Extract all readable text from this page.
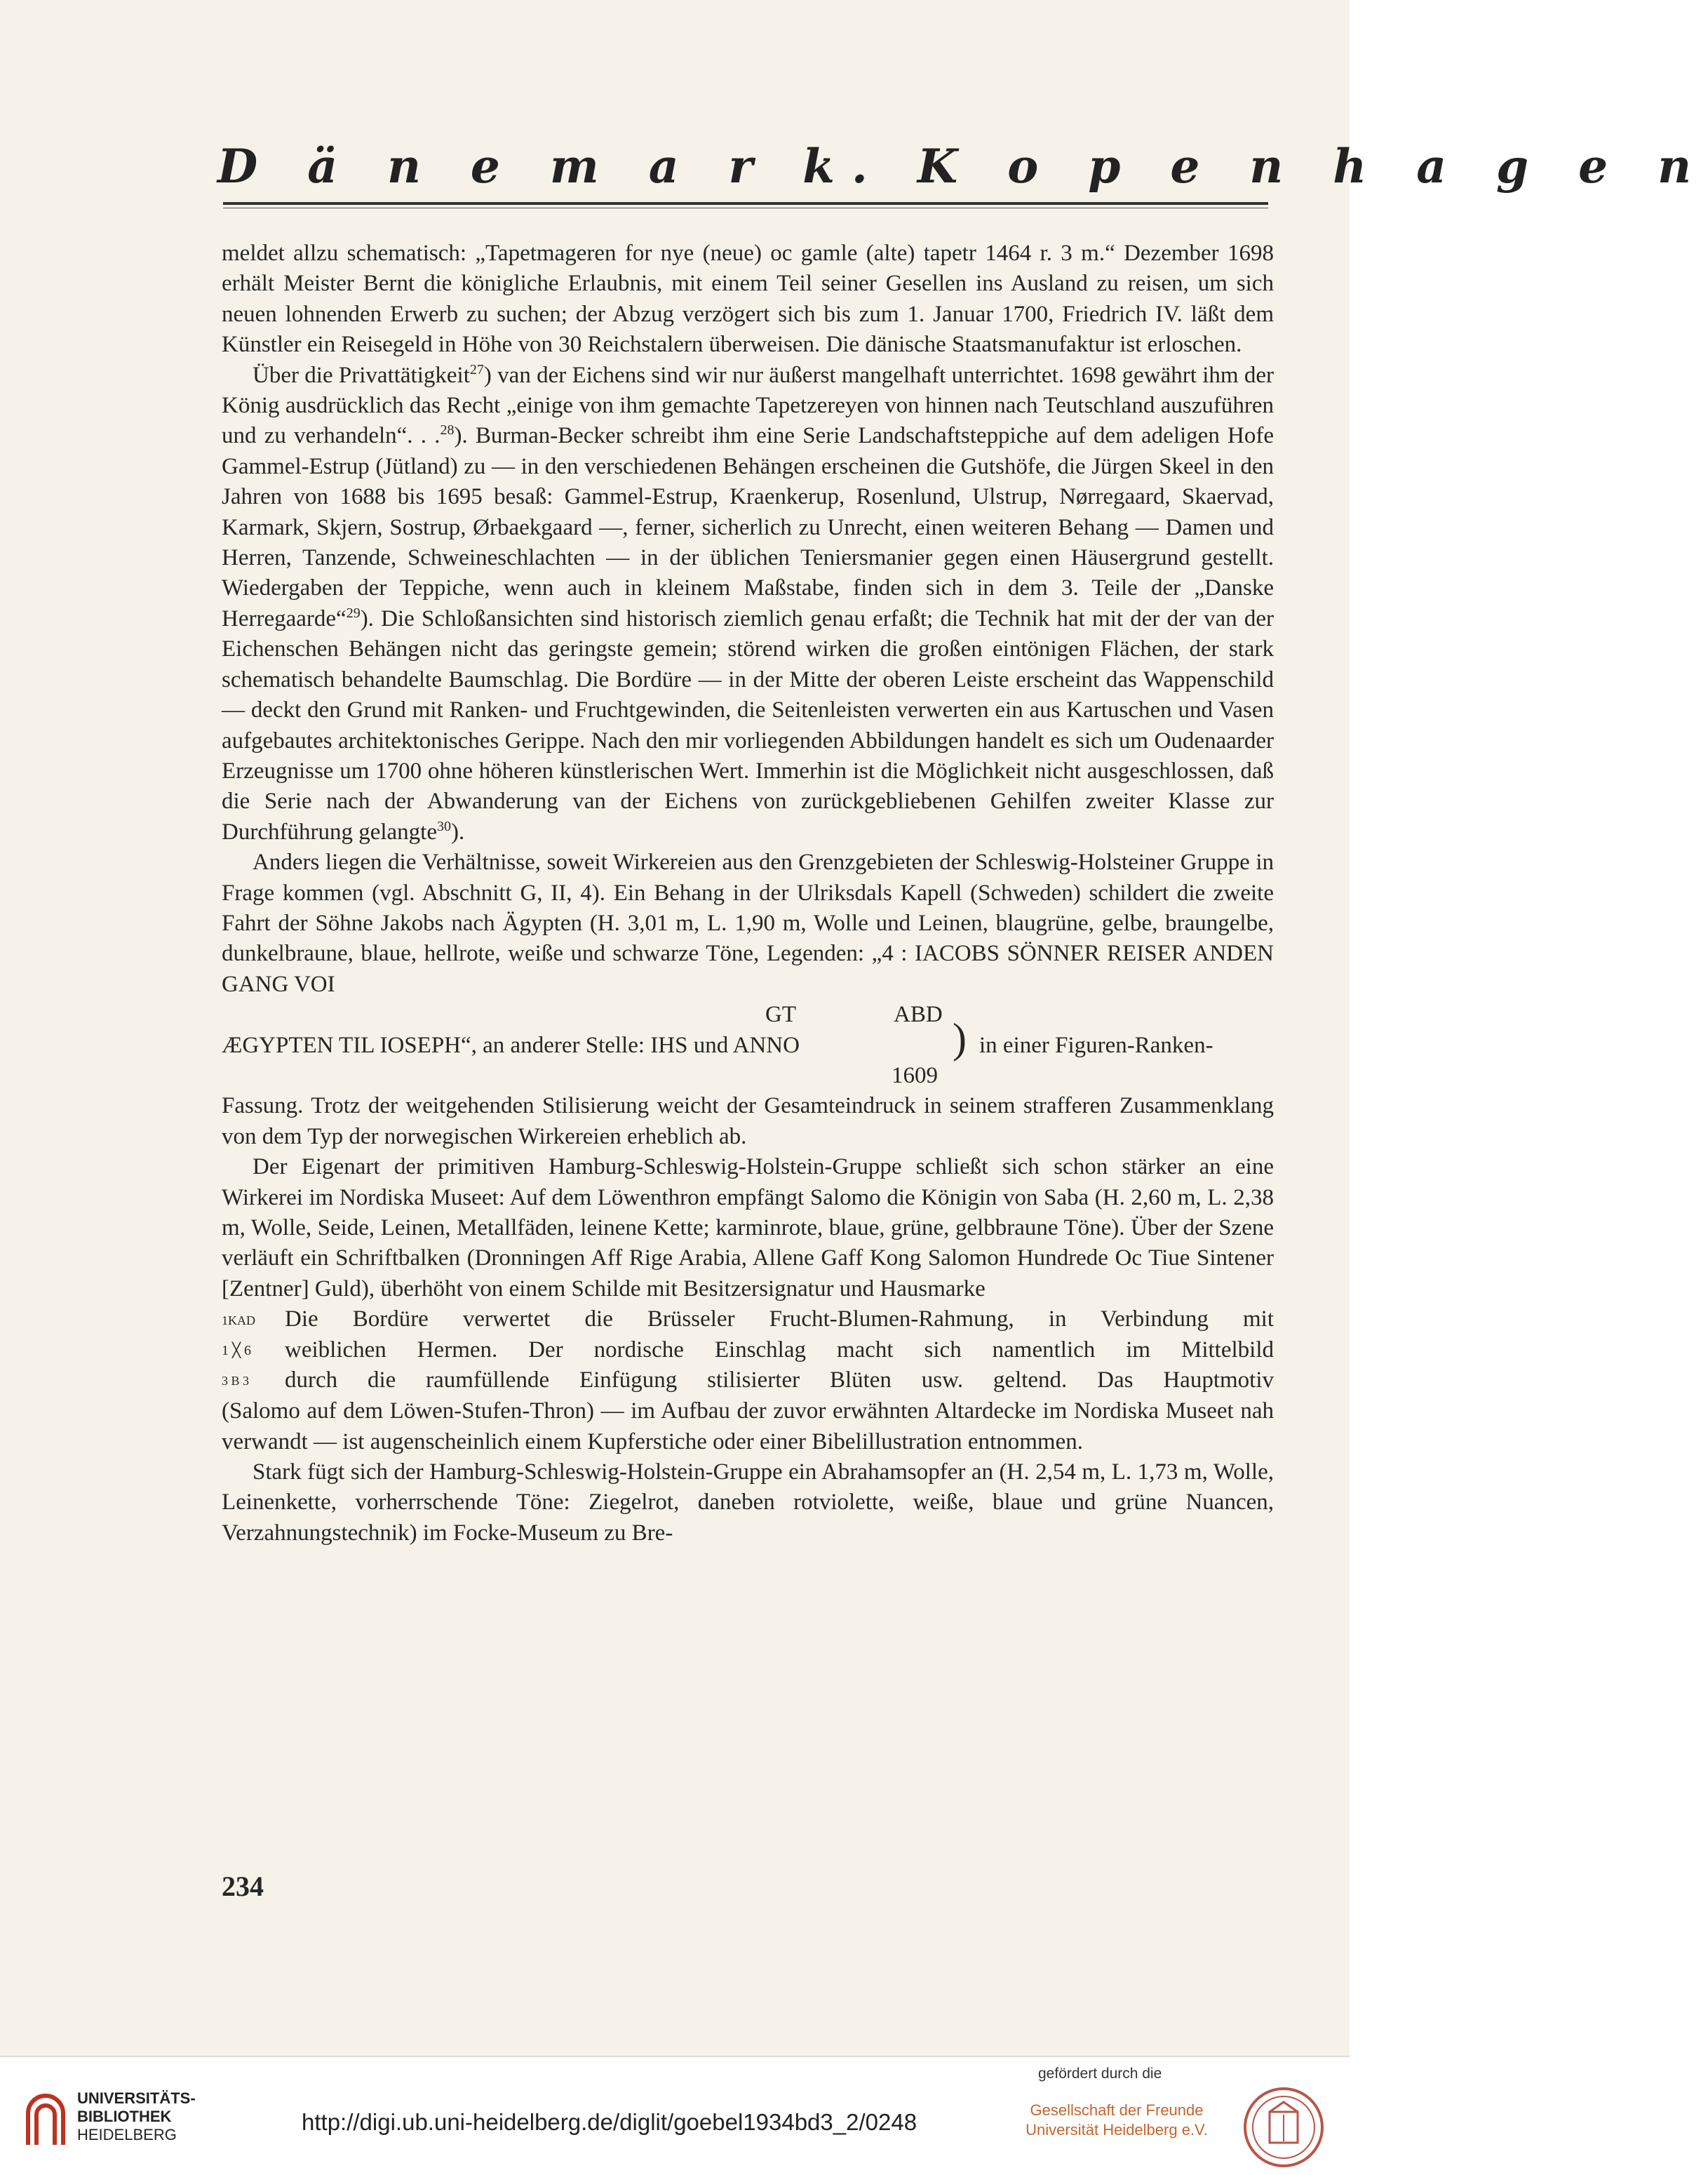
D ä n e m a r k. K o p e n h a g e n

meldet allzu schematisch: „Tapetmageren for nye (neue) oc gamle (alte) tapetr 1464 r. 3 m.“ Dezember 1698 erhält Meister Bernt die königliche Erlaubnis, mit einem Teil seiner Gesellen ins Ausland zu reisen, um sich neuen lohnenden Erwerb zu suchen; der Abzug verzögert sich bis zum 1. Januar 1700, Friedrich IV. läßt dem Künstler ein Reisegeld in Höhe von 30 Reichstalern überweisen. Die dänische Staatsmanufaktur ist erloschen.

Über die Privattätigkeit$^{27}$) van der Eichens sind wir nur äußerst mangelhaft unterrichtet. 1698 gewährt ihm der König ausdrücklich das Recht „einige von ihm gemachte Tapetzereyen von hinnen nach Teutschland auszuführen und zu verhandeln“. . .$^{28}$). Burman-Becker schreibt ihm eine Serie Landschaftsteppiche auf dem adeligen Hofe Gammel-Estrup (Jütland) zu — in den verschiedenen Behängen erscheinen die Gutshöfe, die Jürgen Skeel in den Jahren von 1688 bis 1695 besaß: Gammel-Estrup, Kraenkerup, Rosenlund, Ulstrup, Nørregaard, Skaervad, Karmark, Skjern, Sostrup, Ørbaekgaard —, ferner, sicherlich zu Unrecht, einen weiteren Behang — Damen und Herren, Tanzende, Schweineschlachten — in der üblichen Teniersmanier gegen einen Häusergrund gestellt. Wiedergaben der Teppiche, wenn auch in kleinem Maßstabe, finden sich in dem 3. Teile der „Danske Herregaarde“$^{29}$). Die Schloßansichten sind historisch ziemlich genau erfaßt; die Technik hat mit der der van der Eichenschen Behängen nicht das geringste gemein; störend wirken die großen eintönigen Flächen, der stark schematisch behandelte Baumschlag. Die Bordüre — in der Mitte der oberen Leiste erscheint das Wappenschild — deckt den Grund mit Ranken- und Fruchtgewinden, die Seitenleisten verwerten ein aus Kartuschen und Vasen aufgebautes architektonisches Gerippe. Nach den mir vorliegenden Abbildungen handelt es sich um Oudenaarder Erzeugnisse um 1700 ohne höheren künstlerischen Wert. Immerhin ist die Möglichkeit nicht ausgeschlossen, daß die Serie nach der Abwanderung van der Eichens von zurückgebliebenen Gehilfen zweiter Klasse zur Durchführung gelangte$^{30}$).

Anders liegen die Verhältnisse, soweit Wirkereien aus den Grenzgebieten der Schleswig-Holsteiner Gruppe in Frage kommen (vgl. Abschnitt G, II, 4). Ein Behang in der Ulriksdals Kapell (Schweden) schildert die zweite Fahrt der Söhne Jakobs nach Ägypten (H. 3,01 m, L. 1,90 m, Wolle und Leinen, blaugrüne, gelbe, braungelbe, dunkelbraune, blaue, hellrote, weiße und schwarze Töne, Legenden: „4 : IACOBS SÖNNER REISER ANDEN GANG VOI

GT	ABD
ÆGYPTEN TIL IOSEPH“, an anderer Stelle: IHS und ANNO	) in einer Figuren-Ranken-
1609

Fassung. Trotz der weitgehenden Stilisierung weicht der Gesamteindruck in seinem strafferen Zusammenklang von dem Typ der norwegischen Wirkereien erheblich ab.

Der Eigenart der primitiven Hamburg-Schleswig-Holstein-Gruppe schließt sich schon stärker an eine Wirkerei im Nordiska Museet: Auf dem Löwenthron empfängt Salomo die Königin von Saba (H. 2,60 m, L. 2,38 m, Wolle, Seide, Leinen, Metallfäden, leinene Kette; karminrote, blaue, grüne, gelbbraune Töne). Über der Szene verläuft ein Schriftbalken (Dronningen Aff Rige Arabia, Allene Gaff Kong Salomon Hundrede Oc Tiue Sintener [Zentner] Guld), überhöht von einem Schilde mit Besitzersignatur und Hausmarke

1KAD
1 ╳ 6
3 B 3
Die Bordüre verwertet die Brüsseler Frucht-Blumen-Rahmung, in Verbindung mit
weiblichen Hermen. Der nordische Einschlag macht sich namentlich im Mittelbild
durch die raumfüllende Einfügung stilisierter Blüten usw. geltend. Das Hauptmotiv

(Salomo auf dem Löwen-Stufen-Thron) — im Aufbau der zuvor erwähnten Altardecke im Nordiska Museet nah verwandt — ist augenscheinlich einem Kupferstiche oder einer Bibelillustration entnommen.

Stark fügt sich der Hamburg-Schleswig-Holstein-Gruppe ein Abrahamsopfer an (H. 2,54 m, L. 1,73 m, Wolle, Leinenkette, vorherrschende Töne: Ziegelrot, daneben rotviolette, weiße, blaue und grüne Nuancen, Verzahnungstechnik) im Focke-Museum zu Bre-

234
UNIVERSITÄTS-
BIBLIOTHEK
HEIDELBERG	http://digi.ub.uni-heidelberg.de/diglit/goebel1934bd3_2/0248
gefördert durch die
Gesellschaft der Freunde
Universität Heidelberg e.V.
